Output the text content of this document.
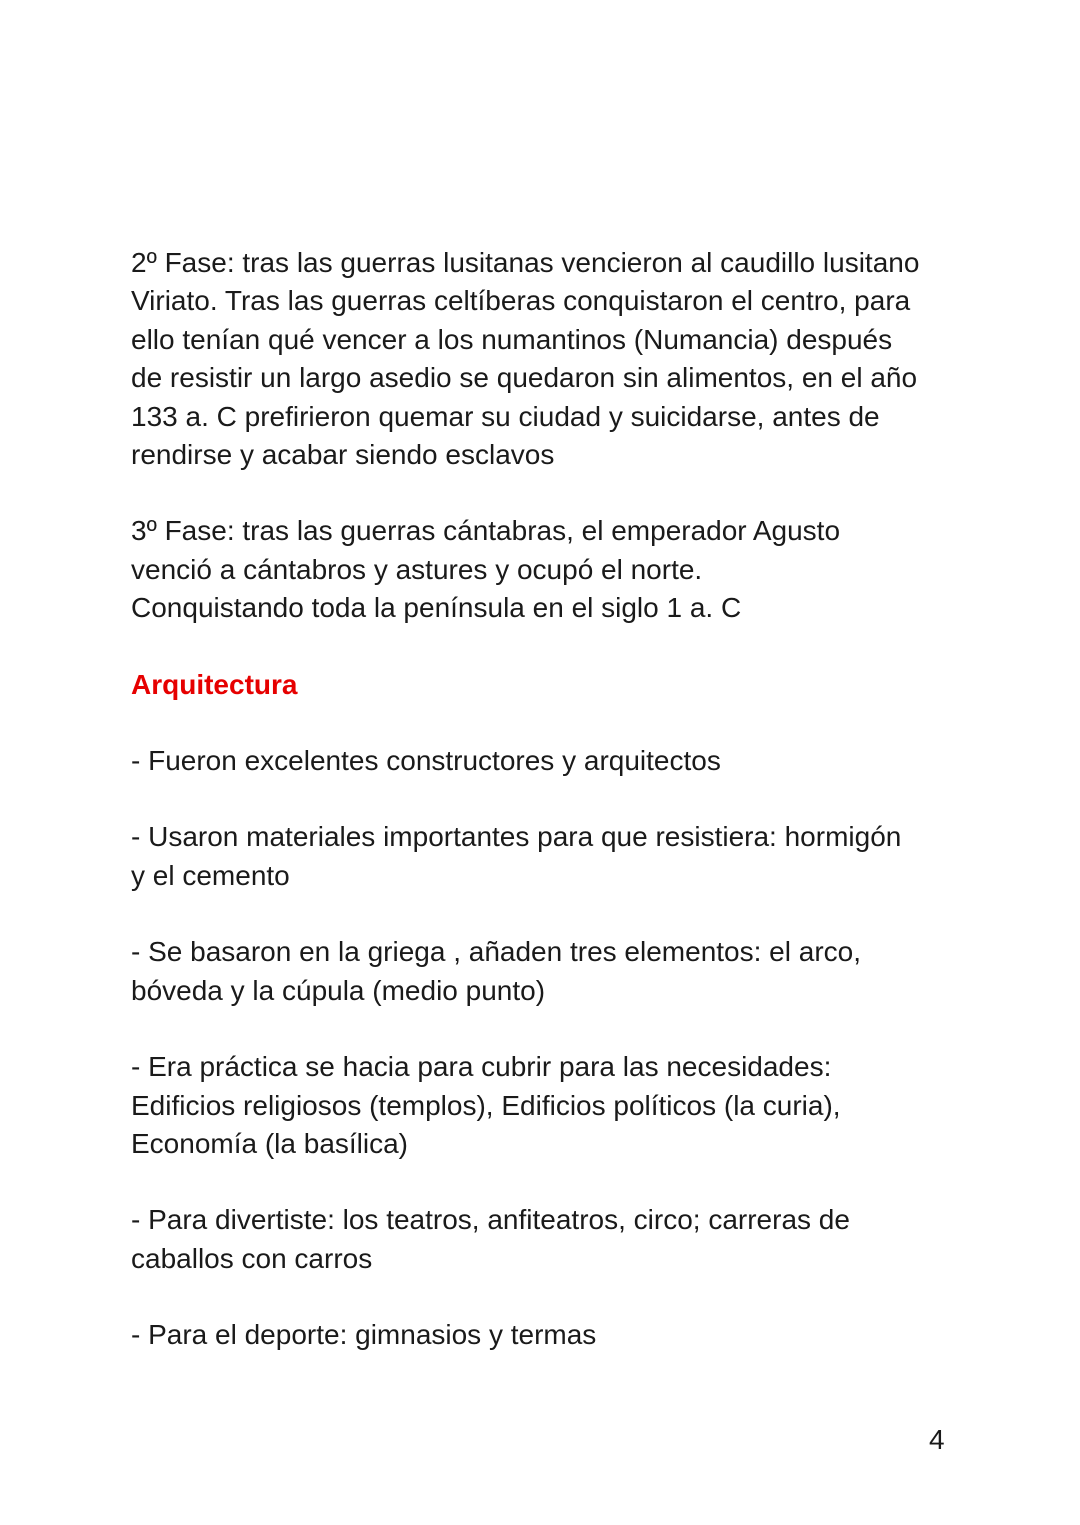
2º Fase: tras las guerras lusitanas vencieron al caudillo lusitano
Viriato. Tras las guerras celtíberas conquistaron el centro, para
ello tenían qué vencer a los numantinos (Numancia) después
de resistir un largo asedio se quedaron sin alimentos, en el año
133 a. C prefirieron quemar su ciudad y suicidarse, antes de
rendirse y acabar siendo esclavos

3º Fase: tras las guerras cántabras, el emperador Agusto
venció a cántabros y astures y ocupó el norte.
Conquistando toda la península en el siglo 1 a. C

Arquitectura

- Fueron excelentes constructores y arquitectos

- Usaron materiales importantes para que resistiera: hormigón
y el cemento

- Se basaron en la griega , añaden tres elementos: el arco,
bóveda y la cúpula (medio punto)

- Era práctica se hacia para cubrir para las necesidades:
Edificios religiosos (templos), Edificios políticos (la curia),
Economía (la basílica)

- Para divertiste: los teatros, anfiteatros, circo; carreras de
caballos con carros

- Para el deporte: gimnasios y termas

4
